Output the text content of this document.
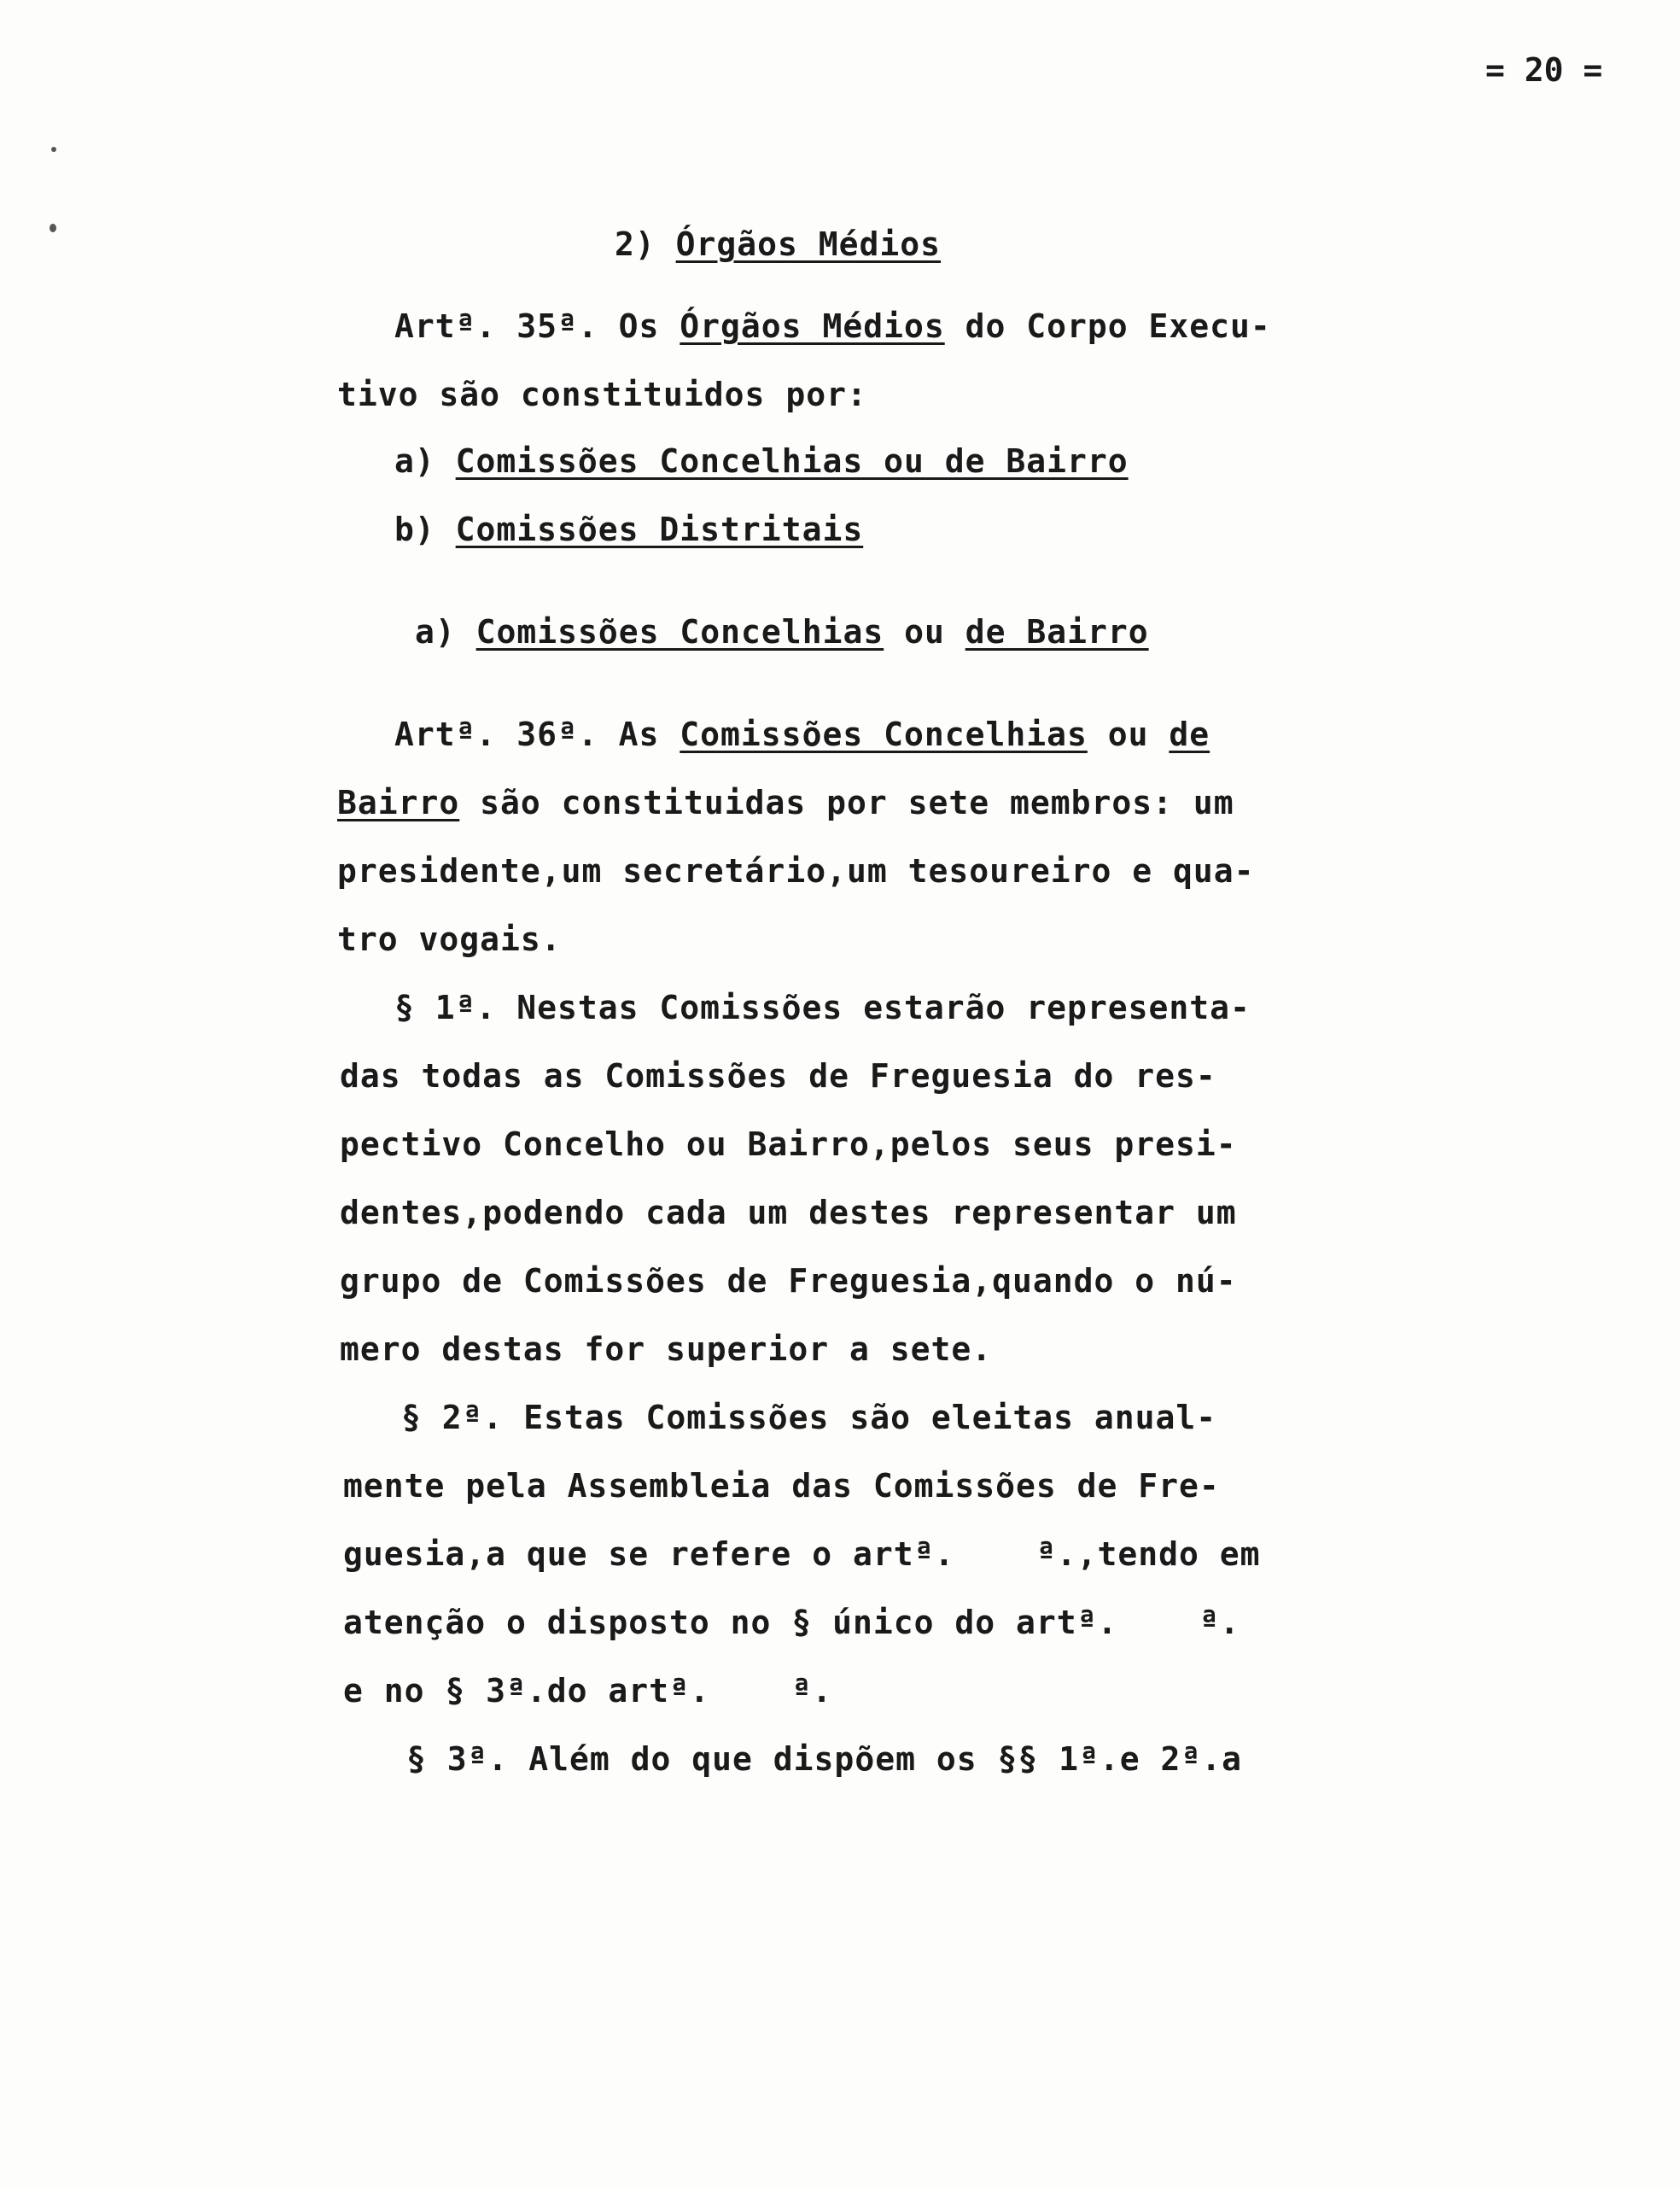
= 20 =
2) Órgãos Médios
Artª. 35ª. Os Órgãos Médios do Corpo Execu-
tivo são constituidos por:
a) Comissões Concelhias ou de Bairro
b) Comissões Distritais
a) Comissões Concelhias ou de Bairro
Artª. 36ª. As Comissões Concelhias ou de
Bairro são constituidas por sete membros: um
presidente,um secretário,um tesoureiro e qua-
tro vogais.
§ 1ª. Nestas Comissões estarão representa-
das todas as Comissões de Freguesia do res-
pectivo Concelho ou Bairro,pelos seus presi-
dentes,podendo cada um destes representar um
grupo de Comissões de Freguesia,quando o nú-
mero destas for superior a sete.
§ 2ª. Estas Comissões são eleitas anual-
mente pela Assembleia das Comissões de Fre-
guesia,a que se refere o artª.    ª.,tendo em
atenção o disposto no § único do artª.    ª.
e no § 3ª.do artª.    ª.
§ 3ª. Além do que dispõem os §§ 1ª.e 2ª.a
